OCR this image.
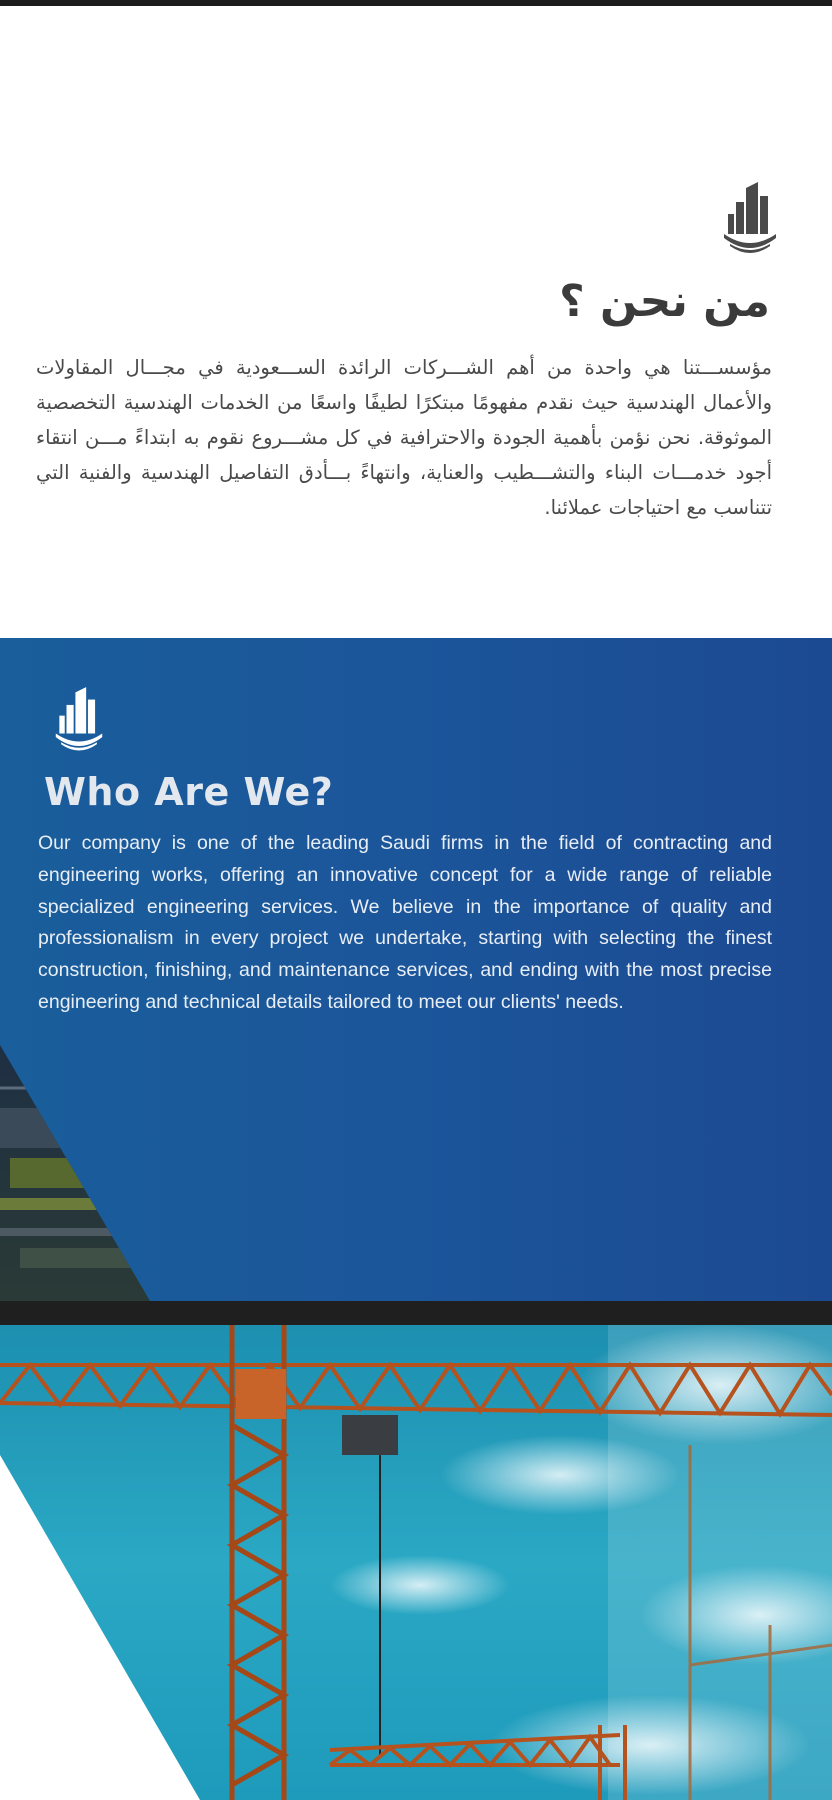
من نحن ؟

مؤسســـتنا هي واحدة من أهم الشـــركات الرائدة الســـعودية في مجـــال المقاولات والأعمال الهندسية حيث نقدم مفهومًا مبتكرًا لطيفًا واسعًا من الخدمات الهندسية التخصصية الموثوقة. نحن نؤمن بأهمية الجودة والاحترافية في كل مشـــروع نقوم به ابتداءً مـــن انتقاء أجود خدمـــات البناء والتشـــطيب والعناية، وانتهاءً بـــأدق التفاصيل الهندسية والفنية التي تتناسب مع احتياجات عملائنا.

Who Are We?

Our company is one of the leading Saudi firms in the field of contracting and engineering works, offering an innovative concept for a wide range of reliable specialized engineering services. We believe in the importance of quality and professionalism in every project we undertake, starting with selecting the finest construction, finishing, and maintenance services, and ending with the most precise engineering and technical details tailored to meet our clients' needs.
